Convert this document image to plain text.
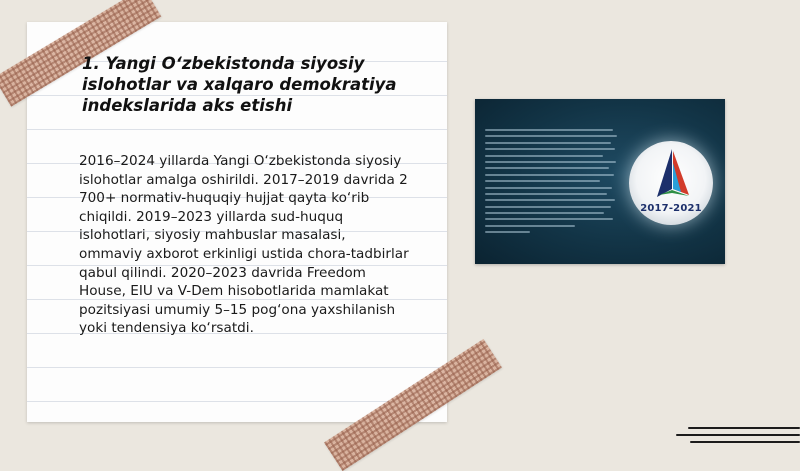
1. Yangi O‘zbekistonda siyosiy islohotlar va xalqaro demokratiya indekslarida aks etishi

2016–2024 yillarda Yangi O‘zbekistonda siyosiy islohotlar amalga oshirildi. 2017–2019 davrida 2 700+ normativ-huquqiy hujjat qayta ko‘rib chiqildi. 2019–2023 yillarda sud-huquq islohotlari, siyosiy mahbuslar masalasi, ommaviy axborot erkinligi ustida chora-tadbirlar qabul qilindi. 2020–2023 davrida Freedom House, EIU va V-Dem hisobotlarida mamlakat pozitsiyasi umumiy 5–15 pog‘ona yaxshilanish yoki tendensiya ko‘rsatdi.

2017-2021
